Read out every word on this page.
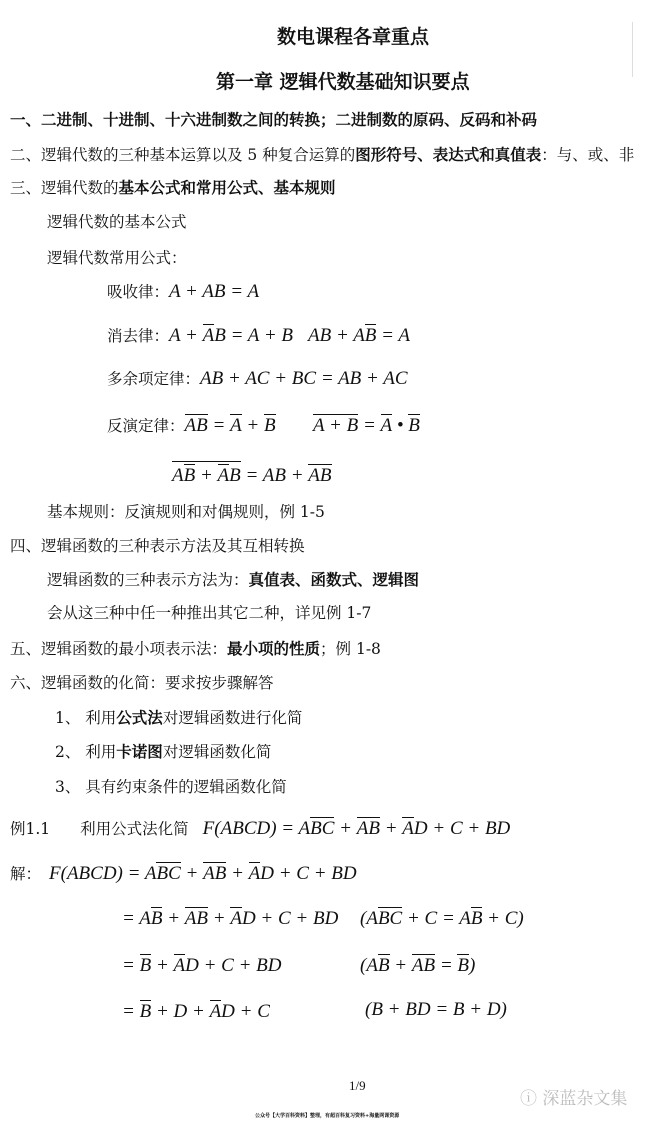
数电课程各章重点
第一章 逻辑代数基础知识要点
一、二进制、十进制、十六进制数之间的转换；二进制数的原码、反码和补码
二、逻辑代数的三种基本运算以及 5 种复合运算的图形符号、表达式和真值表：与、或、非
三、逻辑代数的基本公式和常用公式、基本规则
逻辑代数的基本公式
逻辑代数常用公式：
基本规则：反演规则和对偶规则，例 1-5
四、逻辑函数的三种表示方法及其互相转换
逻辑函数的三种表示方法为：真值表、函数式、逻辑图
会从这三种中任一种推出其它二种，详见例 1-7
五、逻辑函数的最小项表示法：最小项的性质；例 1-8
六、逻辑函数的化简：要求按步骤解答
1、 利用公式法对逻辑函数进行化简
2、 利用卡诺图对逻辑函数化简
3、 具有约束条件的逻辑函数化简
吸收律：A + AB = A
消去律：A + AB = A + B AB + AB = A
多余项定律：AB + AC + BC = AB + AC
反演定律：AB = A + B A + B = A • B
AB + AB = AB + AB
例1.1 利用公式法化简 F(ABCD) = ABC + AB + AD + C + BD
解： F(ABCD) = ABC + AB + AD + C + BD
= AB + AB + AD + C + BD (ABC + C = AB + C)
= B + AD + C + BD	(AB + AB = B)
= B + D + AD + C	(B + BD = B + D)
1/9
ⓘ 深蓝杂文集
公众号【大学百科资料】整理，有超百科复习资料+海量网课资源
